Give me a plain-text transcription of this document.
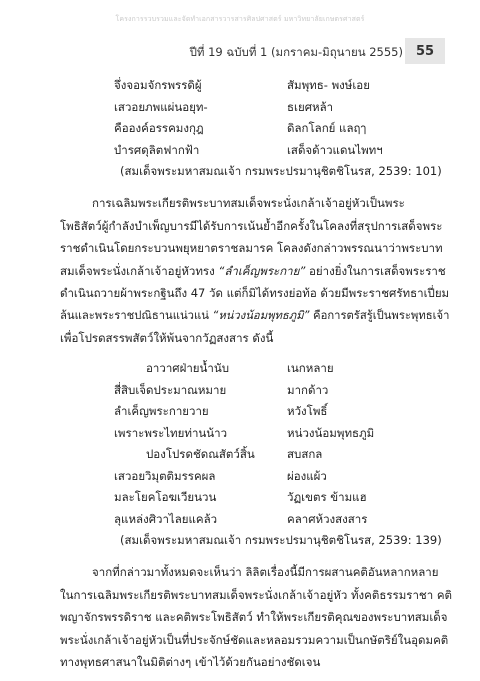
โครงการรวบรวมและจัดทำเอกสารวารสารศิลปศาสตร์ มหาวิทยาลัยเกษตรศาสตร์
ปีที่ 19 ฉบับที่ 1 (มกราคม-มิถุนายน 2555) 55
จึ่งจอมจักรพรรดิผู้	สัมพุทธ- พงษ์เอย
เสวอยภพแผ่นอยุท-	ธเยศหล้า
คือองค์อรรคมงกุฎ	ดิลกโลกย์ แลฤๅ
บำรศดุลิตฟากฟ้า	เสด็จด้าวแดนไพทฯ
(สมเด็จพระมหาสมณเจ้า กรมพระปรมานุชิตชิโนรส, 2539: 101)
การเฉลิมพระเกียรติพระบาทสมเด็จพระนั่งเกล้าเจ้าอยู่หัวเป็นพระ
โพธิสัตว์ผู้กำลังบำเพ็ญบารมีได้รับการเน้นย้ำอีกครั้งในโคลงที่สรุปการเสด็จพระ
ราชดำเนินโดยกระบวนพยุหยาตราชลมารค โคลงดังกล่าวพรรณนาว่าพระบาท
สมเด็จพระนั่งเกล้าเจ้าอยู่หัวทรง “ลำเค็ญพระกาย” อย่างยิ่งในการเสด็จพระราช
ดำเนินถวายผ้าพระกฐินถึง 47 วัด แต่ก็มิได้ทรงย่อท้อ ด้วยมีพระราชศรัทธาเปี่ยม
ล้นและพระราชปณิธานแน่วแน่ “หน่วงน้อมพุทธภูมิ” คือการตรัสรู้เป็นพระพุทธเจ้า
เพื่อโปรดสรรพสัตว์ให้พ้นจากวัฏสงสาร ดังนี้
อาวาศฝ่ายน้ำนับ	เนกหลาย
สี่สิบเจ็ดประมาณหมาย	มากด้าว
ลำเค็ญพระกายวาย	หวังโพธิ์
เพราะพระไทยท่านน้าว	หน่วงน้อมพุทธภูมิ
ปองโปรดชัดณสัตว์สิ้น	สบสกล
เสวอยวิมุตติมรรคผล	ผ่องแผ้ว
มละโยคโอฆเวียนวน	วัฏเขตร ข้ามแฮ
ลุแหล่งศิวาไลยแคล้ว	คลาศห้วงสงสาร
(สมเด็จพระมหาสมณเจ้า กรมพระปรมานุชิตชิโนรส, 2539: 139)
จากที่กล่าวมาทั้งหมดจะเห็นว่า ลิลิตเรื่องนี้มีการผสานคติอันหลากหลาย
ในการเฉลิมพระเกียรติพระบาทสมเด็จพระนั่งเกล้าเจ้าอยู่หัว ทั้งคติธรรมราชา คติ
พญาจักรพรรดิราช และคติพระโพธิสัตว์ ทำให้พระเกียรติคุณของพระบาทสมเด็จ
พระนั่งเกล้าเจ้าอยู่หัวเป็นที่ประจักษ์ชัดและหลอมรวมความเป็นกษัตริย์ในอุดมคติ
ทางพุทธศาสนาในมิติต่างๆ เข้าไว้ด้วยกันอย่างชัดเจน
